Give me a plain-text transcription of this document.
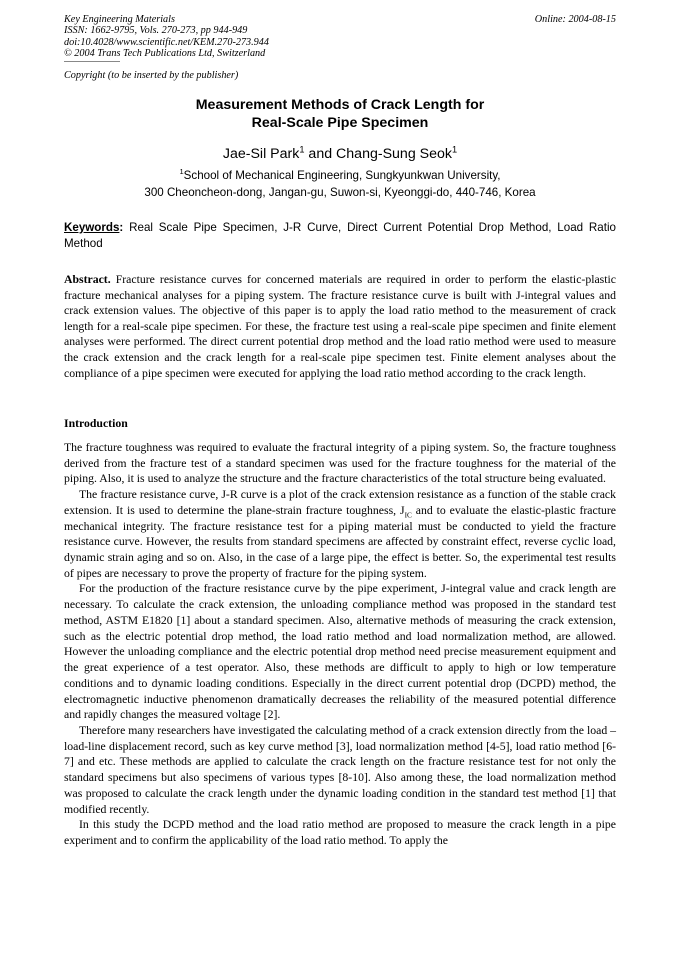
Key Engineering Materials
ISSN: 1662-9795, Vols. 270-273, pp 944-949
doi:10.4028/www.scientific.net/KEM.270-273.944
© 2004 Trans Tech Publications Ltd, Switzerland
Online: 2004-08-15
Copyright (to be inserted by the publisher)
Measurement Methods of Crack Length for
Real-Scale Pipe Specimen
Jae-Sil Park$^1$ and Chang-Sung Seok$^1$
$^1$School of Mechanical Engineering, Sungkyunkwan University,
300 Cheoncheon-dong, Jangan-gu, Suwon-si, Kyeonggi-do, 440-746, Korea
Keywords: Real Scale Pipe Specimen, J-R Curve, Direct Current Potential Drop Method, Load Ratio Method
Abstract. Fracture resistance curves for concerned materials are required in order to perform the elastic-plastic fracture mechanical analyses for a piping system. The fracture resistance curve is built with J-integral values and crack extension values. The objective of this paper is to apply the load ratio method to the measurement of crack length for a real-scale pipe specimen. For these, the fracture test using a real-scale pipe specimen and finite element analyses were performed. The direct current potential drop method and the load ratio method were used to measure the crack extension and the crack length for a real-scale pipe specimen test. Finite element analyses about the compliance of a pipe specimen were executed for applying the load ratio method according to the crack length.
Introduction

The fracture toughness was required to evaluate the fractural integrity of a piping system. So, the fracture toughness derived from the fracture test of a standard specimen was used for the fracture toughness for the material of the piping. Also, it is used to analyze the structure and the fracture characteristics of the total structure being evaluated.

The fracture resistance curve, J-R curve is a plot of the crack extension resistance as a function of the stable crack extension. It is used to determine the plane-strain fracture toughness, $J_{IC}$ and to evaluate the elastic-plastic fracture mechanical integrity. The fracture resistance test for a piping material must be conducted to yield the fracture resistance curve. However, the results from standard specimens are affected by constraint effect, reverse cyclic load, dynamic strain aging and so on. Also, in the case of a large pipe, the effect is better. So, the experimental test results of pipes are necessary to prove the property of fracture for the piping system.

For the production of the fracture resistance curve by the pipe experiment, J-integral value and crack length are necessary. To calculate the crack extension, the unloading compliance method was proposed in the standard test method, ASTM E1820 [1] about a standard specimen. Also, alternative methods of measuring the crack extension, such as the electric potential drop method, the load ratio method and load normalization method, are allowed. However the unloading compliance and the electric potential drop method need precise measurement equipment and the great experience of a test operator. Also, these methods are difficult to apply to high or low temperature conditions and to dynamic loading conditions. Especially in the direct current potential drop (DCPD) method, the electromagnetic inductive phenomenon dramatically decreases the reliability of the measured potential difference and rapidly changes the measured voltage [2].

Therefore many researchers have investigated the calculating method of a crack extension directly from the load – load-line displacement record, such as key curve method [3], load normalization method [4-5], load ratio method [6-7] and etc. These methods are applied to calculate the crack length on the fracture resistance test for not only the standard specimens but also specimens of various types [8-10]. Also among these, the load normalization method was proposed to calculate the crack length under the dynamic loading condition in the standard test method [1] that modified recently.

In this study the DCPD method and the load ratio method are proposed to measure the crack length in a pipe experiment and to confirm the applicability of the load ratio method. To apply the
